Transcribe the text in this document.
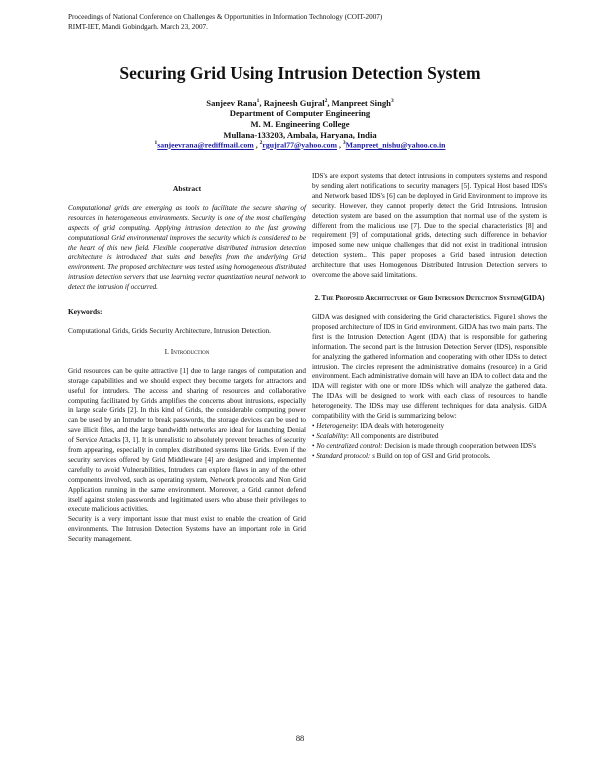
Proceedings of National Conference on Challenges & Opportunities in Information Technology (COIT-2007)
RIMT-IET, Mandi Gobindgarh. March 23, 2007.
Securing Grid Using Intrusion Detection System
Sanjeev Rana$^1$, Rajneesh Gujral$^2$, Manpreet Singh$^3$
Department of Computer Engineering
M. M. Engineering College
Mullana-133203, Ambala, Haryana, India
$^1$sanjeevrana@rediffmail.com , $^2$rgujral77@yahoo.com , $^3$Manpreet_nishu@yahoo.co.in

Abstract

Computational grids are emerging as tools to facilitate the secure sharing of resources in heterogeneous environments. Security is one of the most challenging aspects of grid computing. Applying intrusion detection to the fast growing computational Grid environmental improves the security which is considered to be the heart of this new field. Flexible cooperative distributed intrusion detection architecture is introduced that suits and benefits from the underlying Grid environment. The proposed architecture was tested using homogeneous distributed intrusion detection servers that use learning vector quantization neural network to detect the intrusion if occurred.

Keywords:

Computational Grids, Grids Security Architecture, Intrusion Detection.

I. Introduction

Grid resources can be quite attractive [1] due to large ranges of computation and storage capabilities and we should expect they become targets for attractors and useful for intruders. The access and sharing of resources and collaborative computing facilitated by Grids amplifies the concerns about intrusions, especially in large scale Grids [2]. In this kind of Grids, the considerable computing power can be used by an Intruder to break passwords, the storage devices can be used to save illicit files, and the large bandwidth networks are ideal for launching Denial of Service Attacks [3, 1]. It is unrealistic to absolutely prevent breaches of security from appearing, especially in complex distributed systems like Grids. Even if the security services offered by Grid Middleware [4] are designed and implemented carefully to avoid Vulnerabilities, Intruders can explore flaws in any of the other components involved, such as operating system, Network protocols and Non Grid Application running in the same environment. Moreover, a Grid cannot defend itself against stolen passwords and legitimated users who abuse their privileges to execute malicious activities.

Security is a very important issue that must exist to enable the creation of Grid environments. The Intrusion Detection Systems have an important role in Grid Security management.

IDS's are export systems that detect intrusions in computers systems and respond by sending alert notifications to security managers [5]. Typical Host based IDS's and Network based IDS's [6] can be deployed in Grid Environment to improve its security. However, they cannot properly detect the Grid Intrusions. Intrusion detection system are based on the assumption that normal use of the system is different from the malicious use [7]. Due to the special characteristics [8] and requirement [9] of computational grids, detecting such difference in behavior imposed some new unique challenges that did not exist in traditional intrusion detection system.. This paper proposes a Grid based intrusion detection architecture that uses Homogenous Distributed Intrusion Detection servers to overcome the above said limitations.

2. The Proposed Architecture of Grid Intrusion Detection System(GIDA)

GIDA was designed with considering the Grid characteristics. Figure1 shows the proposed architecture of IDS in Grid environment. GIDA has two main parts. The first is the Intrusion Detection Agent (IDA) that is responsible for gathering information. The second part is the Intrusion Detection Server (IDS), responsible for analyzing the gathered information and cooperating with other IDSs to detect intrusion. The circles represent the administrative domains (resource) in a Grid environment. Each administrative domain will have an IDA to collect data and the IDA will register with one or more IDSs which will analyze the gathered data. The IDAs will be designed to work with each class of resources to handle heterogeneity. The IDSs may use different techniques for data analysis. GIDA compatibility with the Grid is summarizing below:

• Heterogeneity: IDA deals with heterogeneity
• Scalability: All components are distributed
• No centralized control: Decision is made through cooperation between IDS's
• Standard protocol: s Build on top of GSI and Grid protocols.
88
